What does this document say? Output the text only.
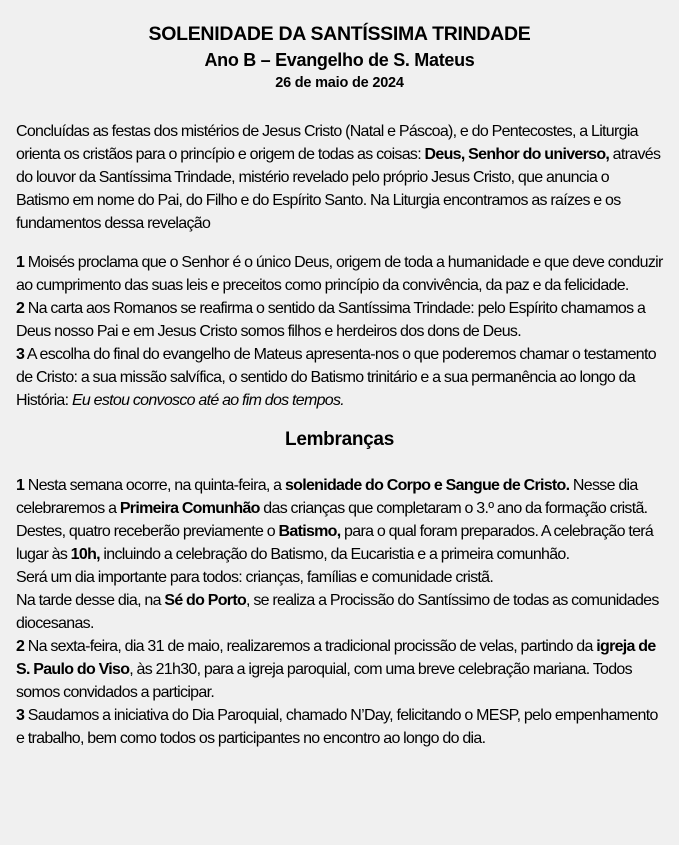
SOLENIDADE DA SANTÍSSIMA TRINDADE
Ano B – Evangelho de S. Mateus
26 de maio de 2024

Concluídas as festas dos mistérios de Jesus Cristo (Natal e Páscoa), e do Pentecostes, a Liturgia orienta os cristãos para o princípio e origem de todas as coisas: Deus, Senhor do universo, através do louvor da Santíssima Trindade, mistério revelado pelo próprio Jesus Cristo, que anuncia o Batismo em nome do Pai, do Filho e do Espírito Santo. Na Liturgia encontramos as raízes e os fundamentos dessa revelação

1 Moisés proclama que o Senhor é o único Deus, origem de toda a humanidade e que deve conduzir ao cumprimento das suas leis e preceitos como princípio da convivência, da paz e da felicidade.
2 Na carta aos Romanos se reafirma o sentido da Santíssima Trindade: pelo Espírito chamamos a Deus nosso Pai e em Jesus Cristo somos filhos e herdeiros dos dons de Deus.
3 A escolha do final do evangelho de Mateus apresenta-nos o que poderemos chamar o testamento de Cristo: a sua missão salvífica, o sentido do Batismo trinitário e a sua permanência ao longo da História: Eu estou convosco até ao fim dos tempos.

Lembranças

1 Nesta semana ocorre, na quinta-feira, a solenidade do Corpo e Sangue de Cristo. Nesse dia celebraremos a Primeira Comunhão das crianças que completaram o 3.º ano da formação cristã. Destes, quatro receberão previamente o Batismo, para o qual foram preparados. A celebração terá lugar às 10h, incluindo a celebração do Batismo, da Eucaristia e a primeira comunhão.
Será um dia importante para todos: crianças, famílias e comunidade cristã.
Na tarde desse dia, na Sé do Porto, se realiza a Procissão do Santíssimo de todas as comunidades diocesanas.
2 Na sexta-feira, dia 31 de maio, realizaremos a tradicional procissão de velas, partindo da igreja de S. Paulo do Viso, às 21h30, para a igreja paroquial, com uma breve celebração mariana. Todos somos convidados a participar.
3 Saudamos a iniciativa do Dia Paroquial, chamado N’Day, felicitando o MESP, pelo empenhamento e trabalho, bem como todos os participantes no encontro ao longo do dia.
